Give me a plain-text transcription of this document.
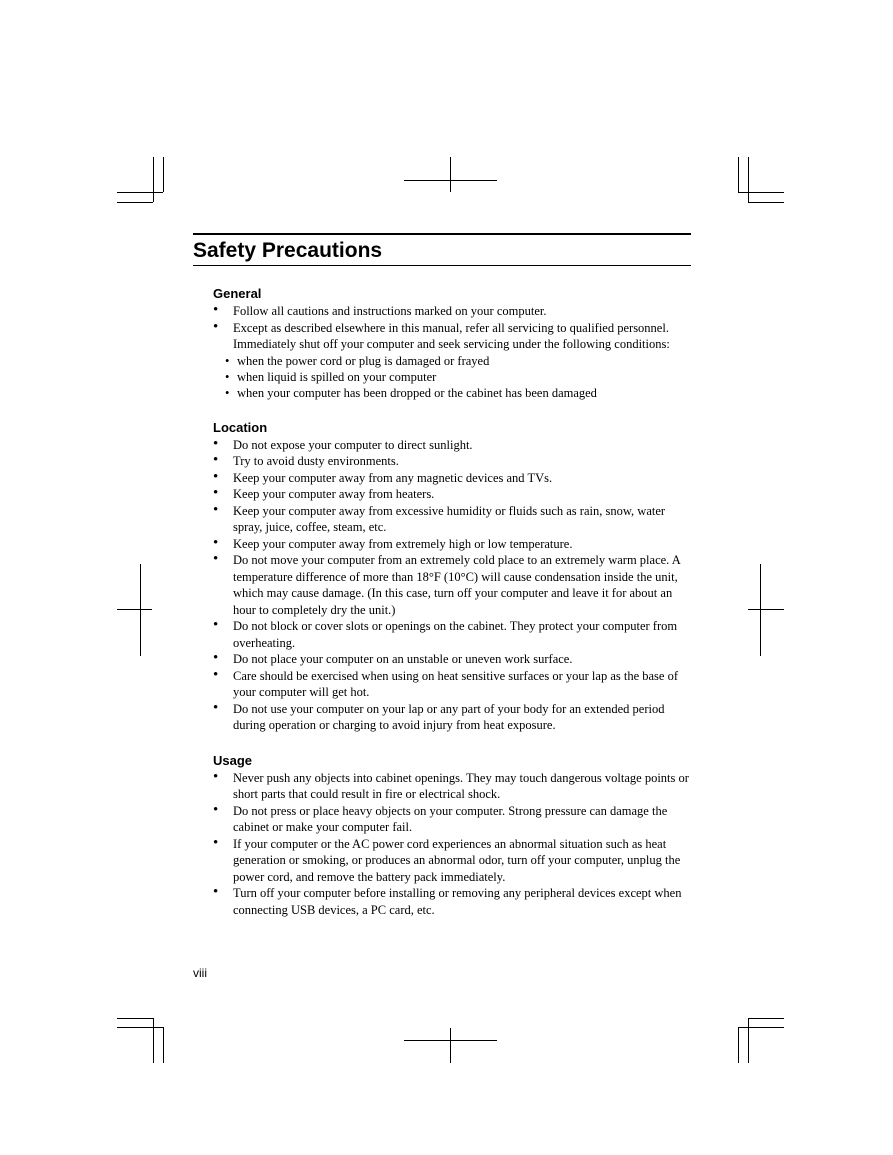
Safety Precautions
General
• Follow all cautions and instructions marked on your computer.
• Except as described elsewhere in this manual, refer all servicing to qualified personnel. Immediately shut off your computer and seek servicing under the following conditions:
• when the power cord or plug is damaged or frayed
• when liquid is spilled on your computer
• when your computer has been dropped or the cabinet has been damaged
Location
• Do not expose your computer to direct sunlight.
• Try to avoid dusty environments.
• Keep your computer away from any magnetic devices and TVs.
• Keep your computer away from heaters.
• Keep your computer away from excessive humidity or fluids such as rain, snow, water spray, juice, coffee, steam, etc.
• Keep your computer away from extremely high or low temperature.
• Do not move your computer from an extremely cold place to an extremely warm place. A temperature difference of more than 18°F (10°C) will cause condensation inside the unit, which may cause damage. (In this case, turn off your computer and leave it for about an hour to completely dry the unit.)
• Do not block or cover slots or openings on the cabinet. They protect your computer from overheating.
• Do not place your computer on an unstable or uneven work surface.
• Care should be exercised when using on heat sensitive surfaces or your lap as the base of your computer will get hot.
• Do not use your computer on your lap or any part of your body for an extended period during operation or charging to avoid injury from heat exposure.
Usage
• Never push any objects into cabinet openings. They may touch dangerous voltage points or short parts that could result in fire or electrical shock.
• Do not press or place heavy objects on your computer. Strong pressure can damage the cabinet or make your computer fail.
• If your computer or the AC power cord experiences an abnormal situation such as heat generation or smoking, or produces an abnormal odor, turn off your computer, unplug the power cord, and remove the battery pack immediately.
• Turn off your computer before installing or removing any peripheral devices except when connecting USB devices, a PC card, etc.
viii
